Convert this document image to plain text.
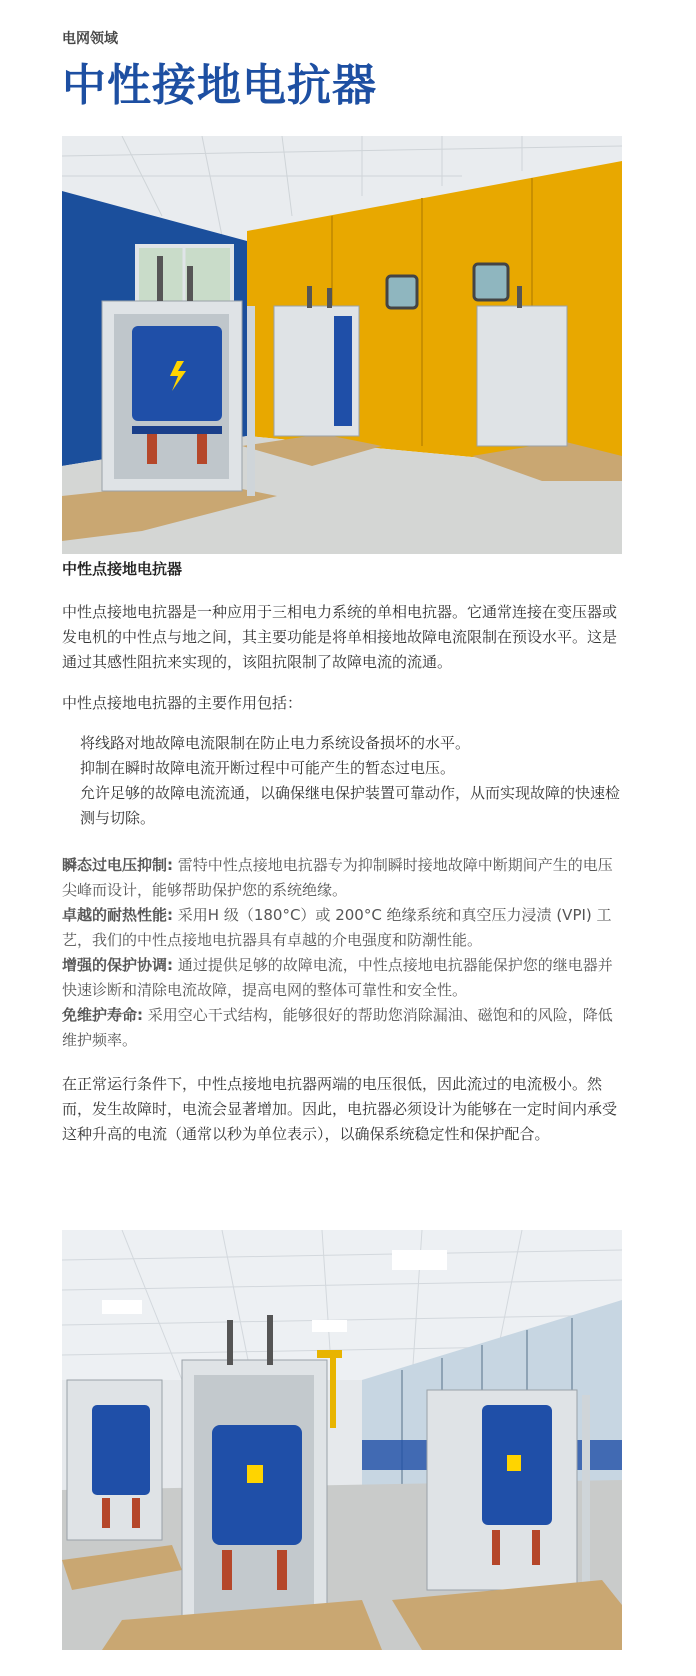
电网领域
中性接地电抗器
中性点接地电抗器

中性点接地电抗器是一种应用于三相电力系统的单相电抗器。它通常连接在变压器或发电机的中性点与地之间，其主要功能是将单相接地故障电流限制在预设水平。这是通过其感性阻抗来实现的，该阻抗限制了故障电流的流通。

中性点接地电抗器的主要作用包括：

将线路对地故障电流限制在防止电力系统设备损坏的水平。
抑制在瞬时故障电流开断过程中可能产生的暂态过电压。
允许足够的故障电流流通，以确保继电保护装置可靠动作，从而实现故障的快速检测与切除。

瞬态过电压抑制: 雷特中性点接地电抗器专为抑制瞬时接地故障中断期间产生的电压尖峰而设计，能够帮助保护您的系统绝缘。

卓越的耐热性能: 采用H 级（180°C）或 200°C 绝缘系统和真空压力浸渍 (VPI) 工艺，我们的中性点接地电抗器具有卓越的介电强度和防潮性能。

增强的保护协调: 通过提供足够的故障电流，中性点接地电抗器能保护您的继电器并快速诊断和清除电流故障，提高电网的整体可靠性和安全性。

免维护寿命: 采用空心干式结构，能够很好的帮助您消除漏油、磁饱和的风险，降低维护频率。

在正常运行条件下，中性点接地电抗器两端的电压很低，因此流过的电流极小。然而，发生故障时，电流会显著增加。因此，电抗器必须设计为能够在一定时间内承受这种升高的电流（通常以秒为单位表示），以确保系统稳定性和保护配合。
